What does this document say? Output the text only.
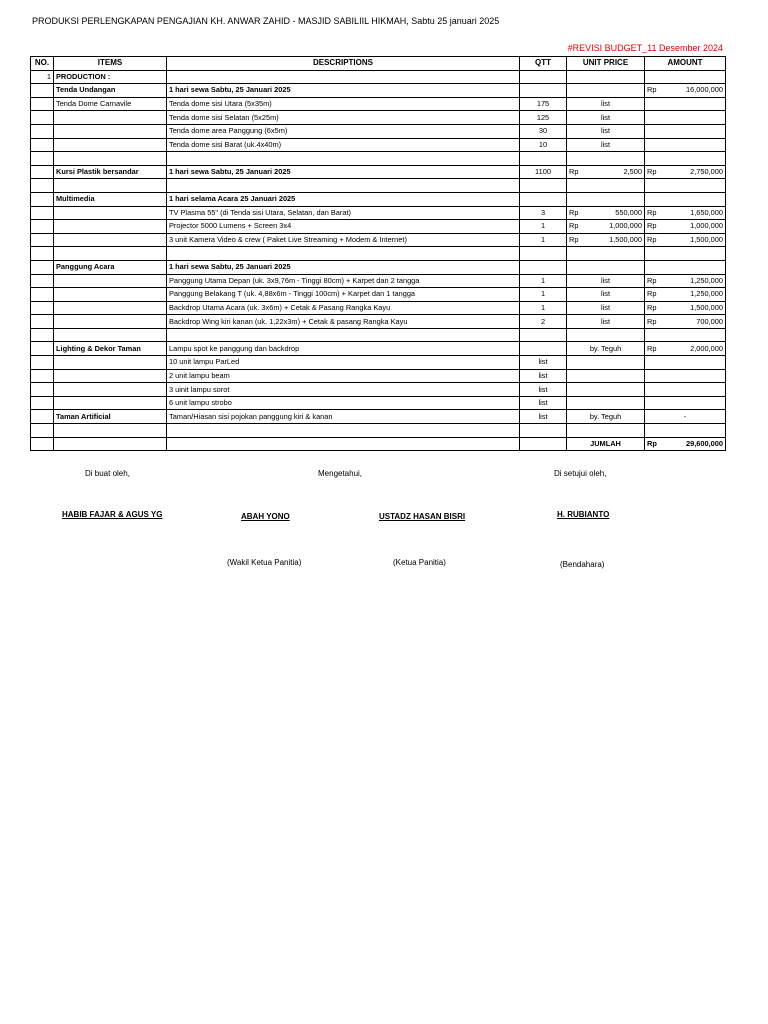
PRODUKSI PERLENGKAPAN PENGAJIAN KH. ANWAR ZAHID - MASJID SABILIIL HIKMAH, Sabtu 25 januari 2025
#REVISI BUDGET_11 Desember 2024
NO.	ITEMS	DESCRIPTIONS	QTT	UNIT PRICE	AMOUNT
1	PRODUCTION :				
	Tenda Undangan	1 hari sewa Sabtu, 25 Januari 2025			Rp 16,000,000

	Tenda Dome Carnavile	Tenda dome sisi Utara (5x35m)	175	list	
		Tenda dome sisi Selatan (5x25m)	125	list	
		Tenda dome area Panggung (6x5m)	30	list	
		Tenda dome sisi Barat (uk.4x40m)	10	list	

	Kursi Plastik bersandar	1 hari sewa Sabtu, 25 Januari 2025	1100	Rp 2,500	Rp 2,750,000

	Multimedia	1 hari selama Acara 25 Januari 2025			
		TV Plasma 55" (di Tenda sisi Utara, Selatan, dan Barat)	3	Rp 550,000	Rp 1,650,000

		Projector 5000 Lumens + Screen 3x4	1	Rp 1,000,000	Rp 1,000,000

		3 unit Kamera Video & crew ( Paket Live Streaming + Modem & Internet)	1	Rp 1,500,000	Rp 1,500,000

	Panggung Acara	1 hari sewa Sabtu, 25 Januari 2025			
		Panggung Utama Depan (uk. 3x9,76m - Tinggi 80cm) + Karpet dan 2 tangga	1	list	Rp 1,250,000

		Panggung Belakang T (uk. 4,88x6m - Tinggi 100cm) + Karpet dan 1 tangga	1	list	Rp 1,250,000

		Backdrop Utama Acara (uk. 3x6m) + Cetak & Pasang Rangka Kayu	1	list	Rp 1,500,000

		Backdrop Wing kiri kanan (uk. 1,22x3m) + Cetak & pasang Rangka Kayu	2	list	Rp 700,000

	Lighting & Dekor Taman	Lampu spot ke panggung dan backdrop		by. Teguh	Rp 2,000,000

		10 unit lampu ParLed	list		
		2 unit lampu beam	list		
		3 uinit lampu sorot	list		
		6 unit lampu strobo	list		
	Taman Artificial	Taman/Hiasan sisi pojokan panggung kiri & kanan	list	by. Teguh	-

				JUMLAH	Rp 29,600,000
Di buat oleh,	Mengetahui,	Di setujui oleh,
HABIB FAJAR & AGUS YG	ABAH YONO	USTADZ HASAN BISRI	H. RUBIANTO
(Wakil Ketua Panitia)	(Ketua Panitia)	(Bendahara)
